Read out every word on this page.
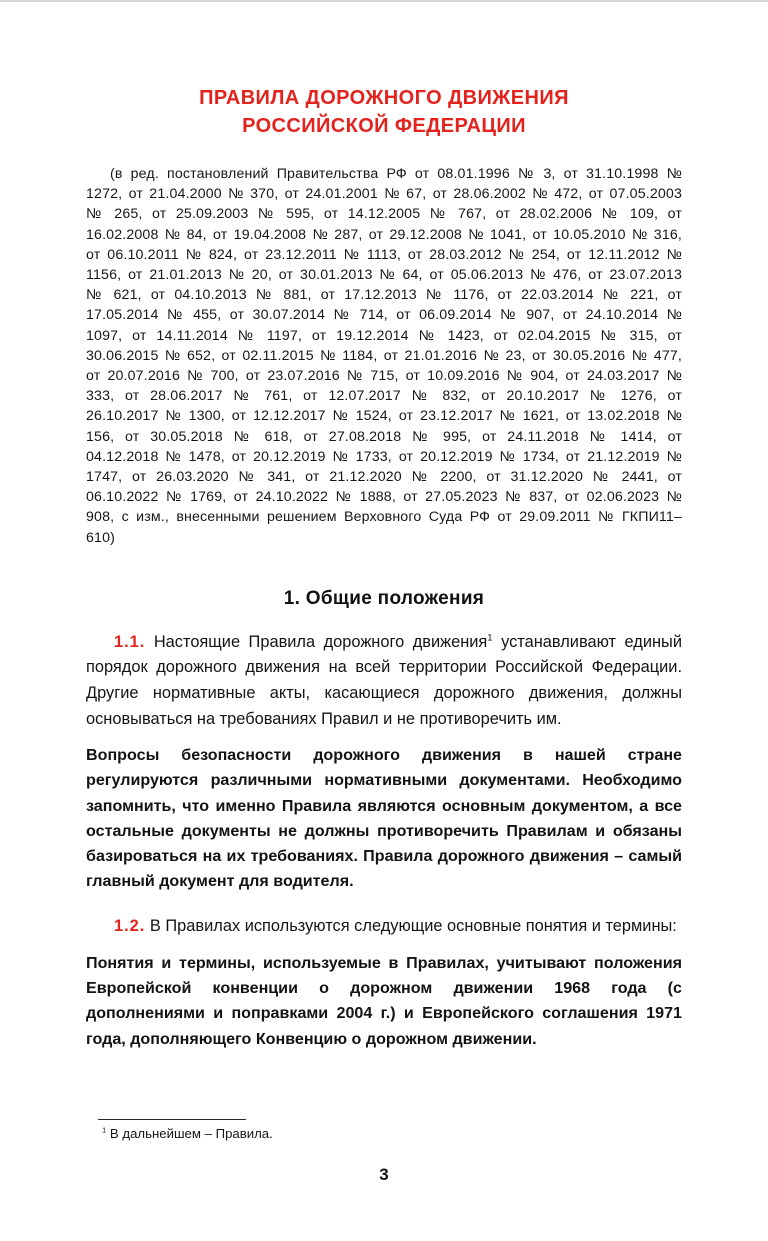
ПРАВИЛА ДОРОЖНОГО ДВИЖЕНИЯ
РОССИЙСКОЙ ФЕДЕРАЦИИ

(в ред. постановлений Правительства РФ от 08.01.1996 № 3, от 31.10.1998 № 1272, от 21.04.2000 № 370, от 24.01.2001 № 67, от 28.06.2002 № 472, от 07.05.2003 № 265, от 25.09.2003 № 595, от 14.12.2005 № 767, от 28.02.2006 № 109, от 16.02.2008 № 84, от 19.04.2008 № 287, от 29.12.2008 № 1041, от 10.05.2010 № 316, от 06.10.2011 № 824, от 23.12.2011 № 1113, от 28.03.2012 № 254, от 12.11.2012 № 1156, от 21.01.2013 № 20, от 30.01.2013 № 64, от 05.06.2013 № 476, от 23.07.2013 № 621, от 04.10.2013 № 881, от 17.12.2013 № 1176, от 22.03.2014 № 221, от 17.05.2014 № 455, от 30.07.2014 № 714, от 06.09.2014 № 907, от 24.10.2014 № 1097, от 14.11.2014 № 1197, от 19.12.2014 № 1423, от 02.04.2015 № 315, от 30.06.2015 № 652, от 02.11.2015 № 1184, от 21.01.2016 № 23, от 30.05.2016 № 477, от 20.07.2016 № 700, от 23.07.2016 № 715, от 10.09.2016 № 904, от 24.03.2017 № 333, от 28.06.2017 № 761, от 12.07.2017 № 832, от 20.10.2017 № 1276, от 26.10.2017 № 1300, от 12.12.2017 № 1524, от 23.12.2017 № 1621, от 13.02.2018 № 156, от 30.05.2018 № 618, от 27.08.2018 № 995, от 24.11.2018 № 1414, от 04.12.2018 № 1478, от 20.12.2019 № 1733, от 20.12.2019 № 1734, от 21.12.2019 № 1747, от 26.03.2020 № 341, от 21.12.2020 № 2200, от 31.12.2020 № 2441, от 06.10.2022 № 1769, от 24.10.2022 № 1888, от 27.05.2023 № 837, от 02.06.2023 № 908, с изм., внесенными решением Верховного Суда РФ от 29.09.2011 № ГКПИ11–610)

1. Общие положения

1.1. Настоящие Правила дорожного движения$^1$ устанавливают единый порядок дорожного движения на всей территории Российской Федерации. Другие нормативные акты, касающиеся дорожного движения, должны основываться на требованиях Правил и не противоречить им.

Вопросы безопасности дорожного движения в нашей стране регулируются различными нормативными документами. Необходимо запомнить, что именно Правила являются основным документом, а все остальные документы не должны противоречить Правилам и обязаны базироваться на их требованиях. Правила дорожного движения – самый главный документ для водителя.

1.2. В Правилах используются следующие основные понятия и термины:

Понятия и термины, используемые в Правилах, учитывают положения Европейской конвенции о дорожном движении 1968 года (с дополнениями и поправками 2004 г.) и Европейского соглашения 1971 года, дополняющего Конвенцию о дорожном движении.

$^1$ В дальнейшем – Правила.

3
